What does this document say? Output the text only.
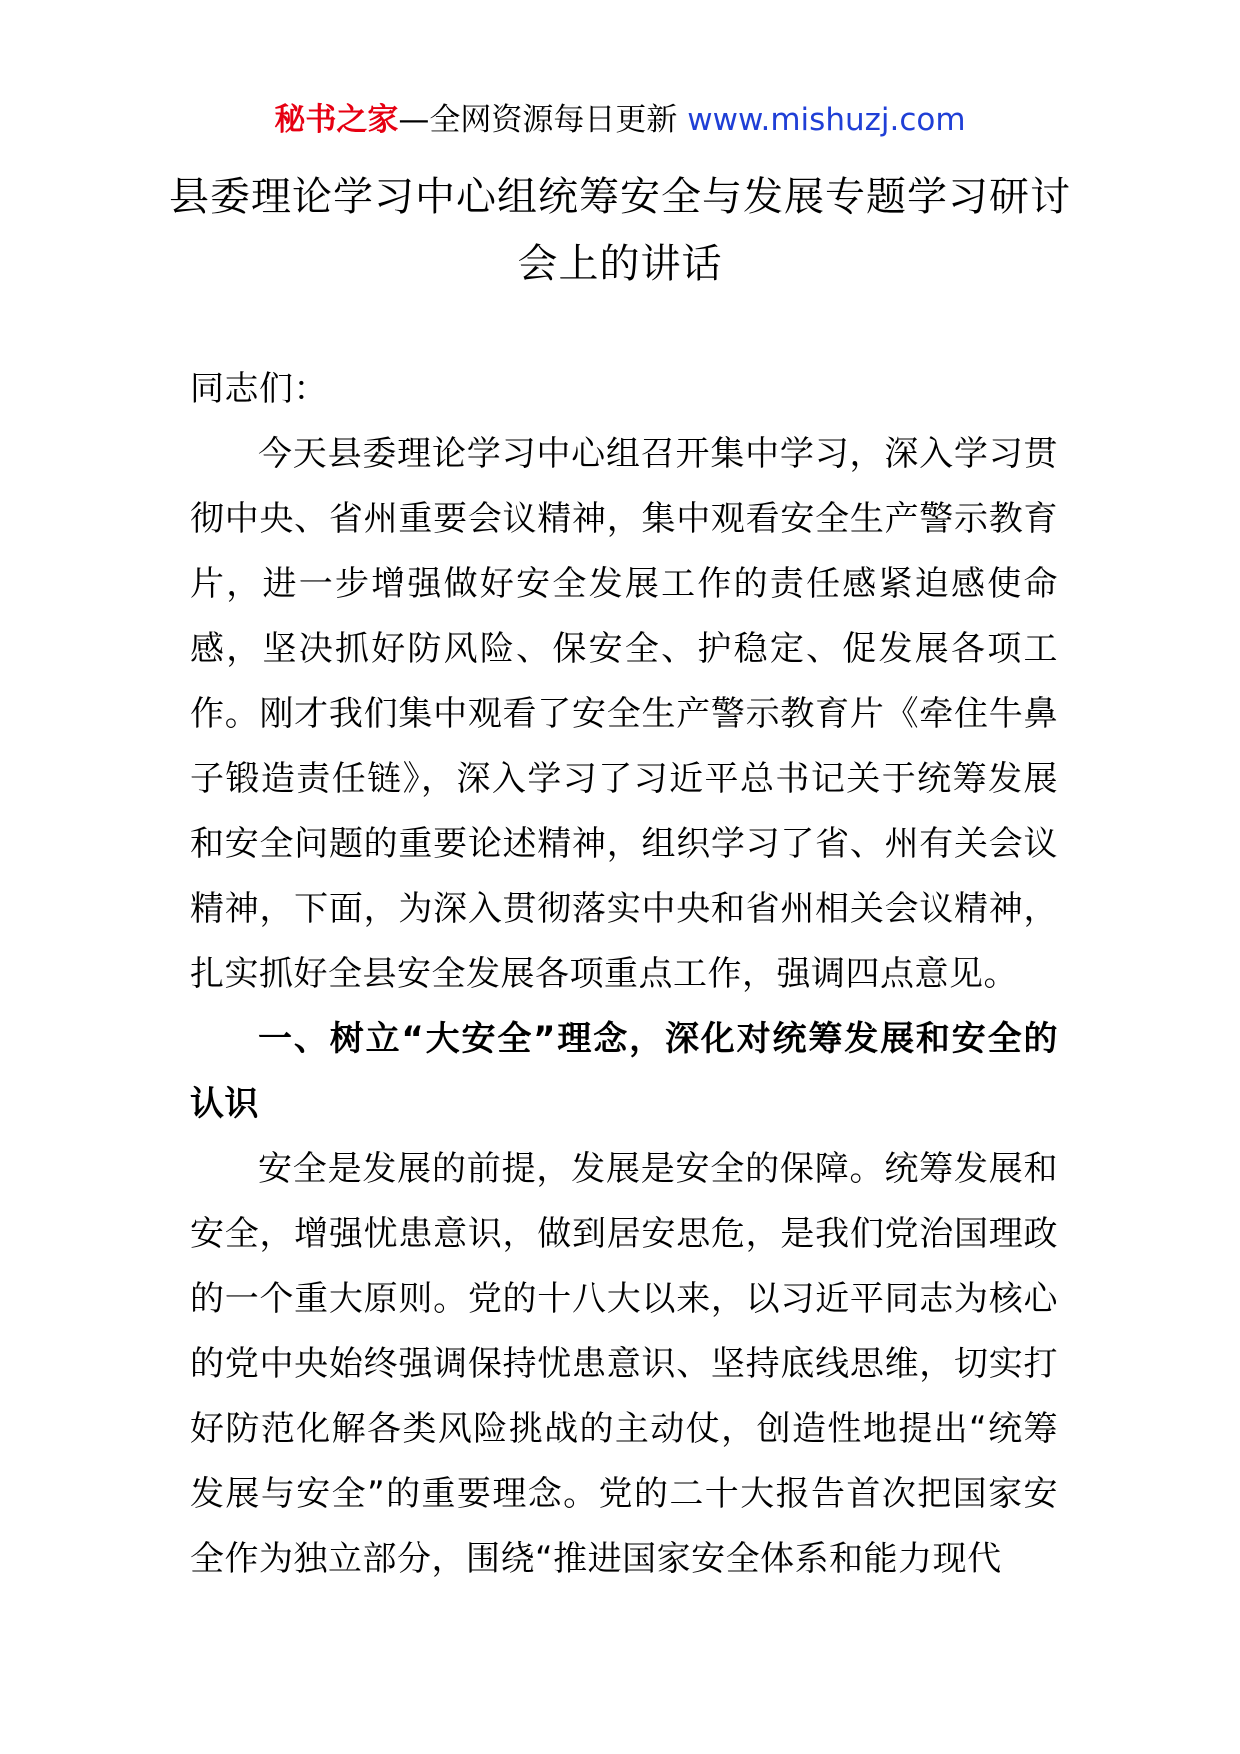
秘书之家—全网资源每日更新 www.mishuzj.com
县委理论学习中心组统筹安全与发展专题学习研讨会上的讲话

同志们：

今天县委理论学习中心组召开集中学习，深入学习贯彻中央、省州重要会议精神，集中观看安全生产警示教育片，进一步增强做好安全发展工作的责任感紧迫感使命感，坚决抓好防风险、保安全、护稳定、促发展各项工作。刚才我们集中观看了安全生产警示教育片《牵住牛鼻子锻造责任链》，深入学习了习近平总书记关于统筹发展和安全问题的重要论述精神，组织学习了省、州有关会议精神，下面，为深入贯彻落实中央和省州相关会议精神，扎实抓好全县安全发展各项重点工作，强调四点意见。

一、树立“大安全”理念，深化对统筹发展和安全的认识

安全是发展的前提，发展是安全的保障。统筹发展和安全，增强忧患意识，做到居安思危，是我们党治国理政的一个重大原则。党的十八大以来，以习近平同志为核心的党中央始终强调保持忧患意识、坚持底线思维，切实打好防范化解各类风险挑战的主动仗，创造性地提出“统筹发展与安全”的重要理念。党的二十大报告首次把国家安全作为独立部分，围绕“推进国家安全体系和能力现代
